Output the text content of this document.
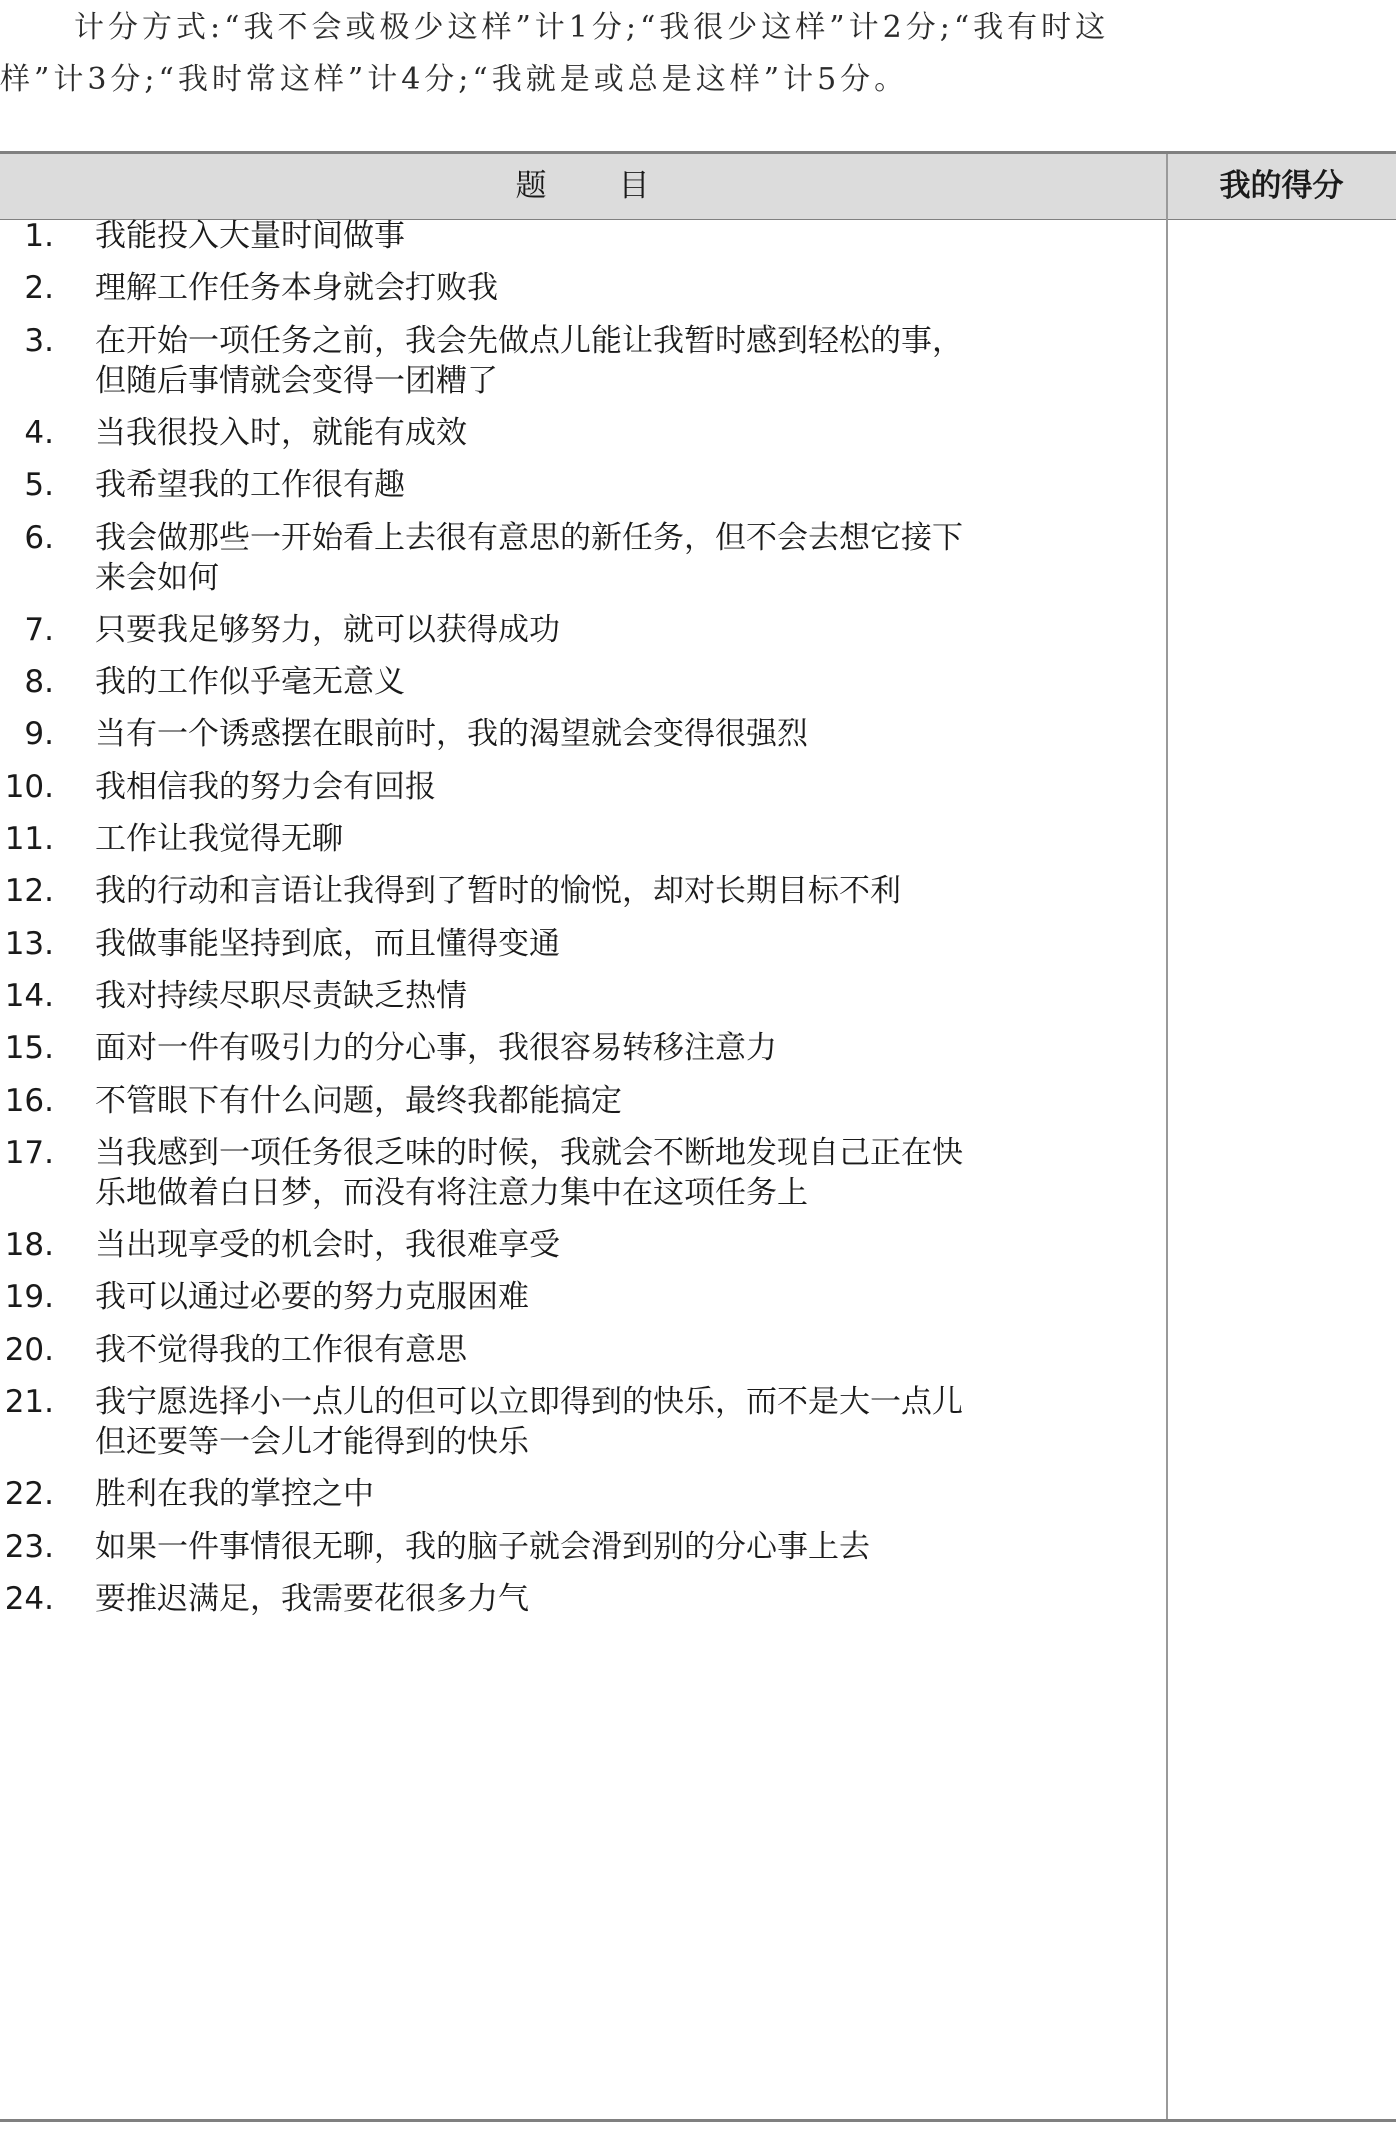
计分方式:“我不会或极少这样”计1分;“我很少这样”计2分;“我有时这
样”计3分;“我时常这样”计4分;“我就是或总是这样”计5分。
题 目	我的得分
1. 我能投入大量时间做事
2. 理解工作任务本身就会打败我
3. 在开始一项任务之前，我会先做点儿能让我暂时感到轻松的事，
但随后事情就会变得一团糟了
4. 当我很投入时，就能有成效
5. 我希望我的工作很有趣
6. 我会做那些一开始看上去很有意思的新任务，但不会去想它接下
来会如何
7. 只要我足够努力，就可以获得成功
8. 我的工作似乎毫无意义
9. 当有一个诱惑摆在眼前时，我的渴望就会变得很强烈
10. 我相信我的努力会有回报
11. 工作让我觉得无聊
12. 我的行动和言语让我得到了暂时的愉悦，却对长期目标不利
13. 我做事能坚持到底，而且懂得变通
14. 我对持续尽职尽责缺乏热情
15. 面对一件有吸引力的分心事，我很容易转移注意力
16. 不管眼下有什么问题，最终我都能搞定
17. 当我感到一项任务很乏味的时候，我就会不断地发现自己正在快
乐地做着白日梦，而没有将注意力集中在这项任务上
18. 当出现享受的机会时，我很难享受
19. 我可以通过必要的努力克服困难
20. 我不觉得我的工作很有意思
21. 我宁愿选择小一点儿的但可以立即得到的快乐，而不是大一点儿
但还要等一会儿才能得到的快乐
22. 胜利在我的掌控之中
23. 如果一件事情很无聊，我的脑子就会滑到别的分心事上去
24. 要推迟满足，我需要花很多力气
